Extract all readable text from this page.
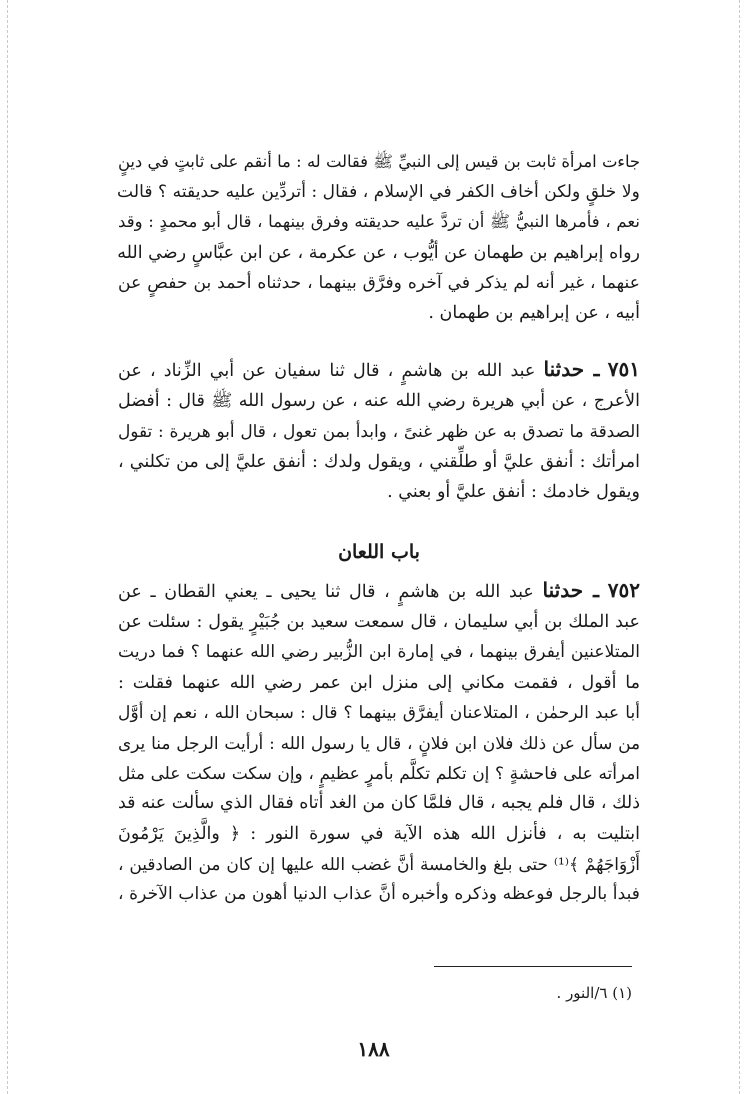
جاءت امرأة ثابت بن قيس إلى النبيِّ ﷺ فقالت له : ما أنقم على ثابتٍ في دينٍ
ولا خلقٍ ولكن أخاف الكفر في الإسلام ، فقال : أتردِّين عليه حديقته ؟ قالت
نعم ، فأمرها النبيُّ ﷺ أن تردَّ عليه حديقته وفرق بينهما ، قال أبو محمدٍ : وقد
رواه إبراهيم بن طهمان عن أيُّوب ، عن عكرمة ، عن ابن عبَّاسٍ رضي الله
عنهما ، غير أنه لم يذكر في آخره وفرَّق بينهما ، حدثناه أحمد بن حفصٍ عن
أبيه ، عن إبراهيم بن طهمان .
٧٥١ ـ حدثنا عبد الله بن هاشمٍ ، قال ثنا سفيان عن أبي الزِّناد ، عن
الأعرج ، عن أبي هريرة رضي الله عنه ، عن رسول الله ﷺ قال : أفضل
الصدقة ما تصدق به عن ظهر غنىً ، وابدأ بمن تعول ، قال أبو هريرة : تقول
امرأتك : أنفق عليَّ أو طلِّقني ، ويقول ولدك : أنفق عليَّ إلى من تكلني ،
ويقول خادمك : أنفق عليَّ أو بعني .
باب اللعان
٧٥٢ ـ حدثنا عبد الله بن هاشمٍ ، قال ثنا يحيى ـ يعني القطان ـ عن
عبد الملك بن أبي سليمان ، قال سمعت سعيد بن جُبَيْرٍ يقول : سئلت عن
المتلاعنين أيفرق بينهما ، في إمارة ابن الزُّبير رضي الله عنهما ؟ فما دريت
ما أقول ، فقمت مكاني إلى منزل ابن عمر رضي الله عنهما فقلت :
أبا عبد الرحمٰن ، المتلاعنان أيفرَّق بينهما ؟ قال : سبحان الله ، نعم إن أوَّل
من سأل عن ذلك فلان ابن فلانٍ ، قال يا رسول الله : أرأيت الرجل منا يرى
امرأته على فاحشةٍ ؟ إن تكلم تكلَّم بأمرٍ عظيمٍ ، وإن سكت سكت على مثل
ذلك ، قال فلم يجبه ، قال فلمَّا كان من الغد أتاه فقال الذي سألت عنه قد
ابتليت به ، فأنزل الله هذه الآية في سورة النور : ﴿ والَّذِينَ يَرْمُونَ
أَزْوَاجَهُمْ ﴾⁽¹⁾ حتى بلغ والخامسة أنَّ غضب الله عليها إن كان من الصادقين ،
فبدأ بالرجل فوعظه وذكره وأخبره أنَّ عذاب الدنيا أهون من عذاب الآخرة ،
(١) ٦/النور .
١٨٨
